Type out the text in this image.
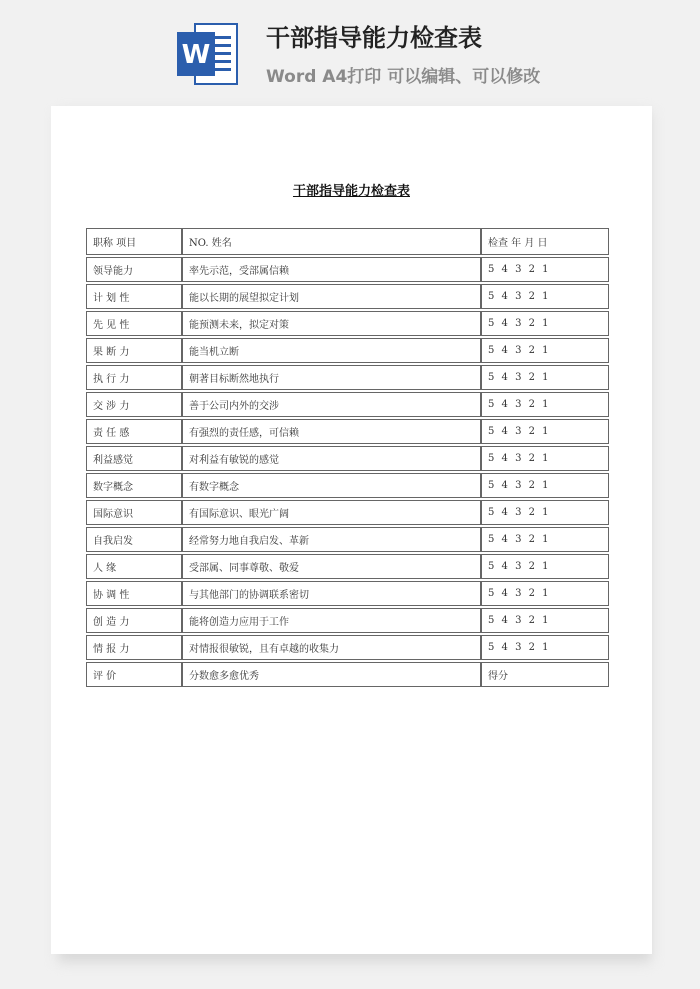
W
干部指导能力检查表
Word A4打印 可以编辑、可以修改
干部指导能力检查表
职称 项目	NO. 姓名	检查 年 月 日
领导能力	率先示范，受部属信赖	5 4 3 2 1
计 划 性	能以长期的展望拟定计划	5 4 3 2 1
先 见 性	能预测未来，拟定对策	5 4 3 2 1
果 断 力	能当机立断	5 4 3 2 1
执 行 力	朝著目标断然地执行	5 4 3 2 1
交 涉 力	善于公司内外的交涉	5 4 3 2 1
责 任 感	有强烈的责任感，可信赖	5 4 3 2 1
利益感觉	对利益有敏锐的感觉	5 4 3 2 1
数字概念	有数字概念	5 4 3 2 1
国际意识	有国际意识、眼光广阔	5 4 3 2 1
自我启发	经常努力地自我启发、革新	5 4 3 2 1
人 缘	受部属、同事尊敬、敬爱	5 4 3 2 1
协 调 性	与其他部门的协调联系密切	5 4 3 2 1
创 造 力	能将创造力应用于工作	5 4 3 2 1
情 报 力	对情报很敏锐，且有卓越的收集力	5 4 3 2 1
评 价	分数愈多愈优秀	得分
